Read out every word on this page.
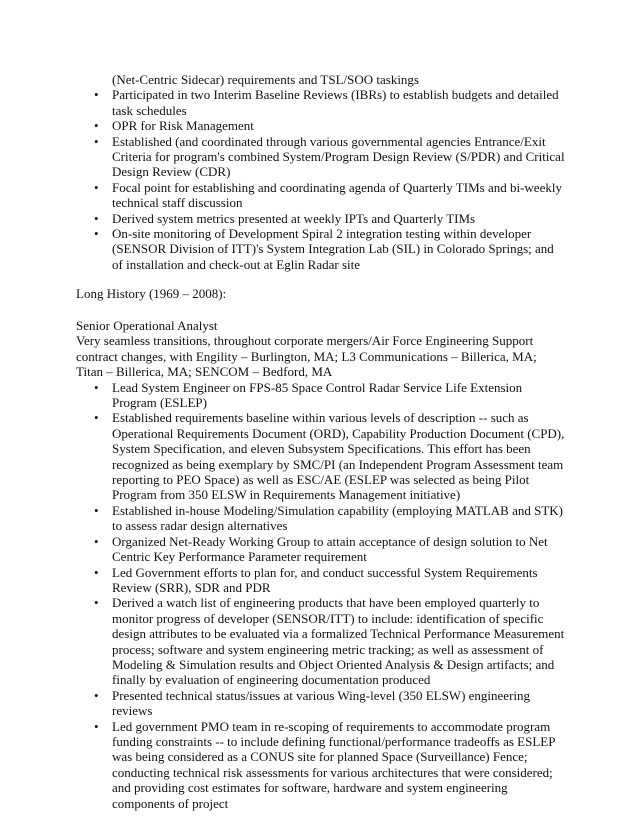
(Net-Centric Sidecar) requirements and TSL/SOO taskings

• Participated in two Interim Baseline Reviews (IBRs) to establish budgets and detailed task schedules
• OPR for Risk Management
• Established (and coordinated through various governmental agencies Entrance/Exit Criteria for program's combined System/Program Design Review (S/PDR) and Critical Design Review (CDR)
• Focal point for establishing and coordinating agenda of Quarterly TIMs and bi-weekly technical staff discussion
• Derived system metrics presented at weekly IPTs and Quarterly TIMs
• On-site monitoring of Development Spiral 2 integration testing within developer (SENSOR Division of ITT)'s System Integration Lab (SIL) in Colorado Springs; and of installation and check-out at Eglin Radar site

Long History (1969 – 2008):

Senior Operational Analyst

Very seamless transitions, throughout corporate mergers/Air Force Engineering Support contract changes, with Engility – Burlington, MA; L3 Communications – Billerica, MA; Titan – Billerica, MA; SENCOM – Bedford, MA

• Lead System Engineer on FPS-85 Space Control Radar Service Life Extension Program (ESLEP)
• Established requirements baseline within various levels of description -- such as Operational Requirements Document (ORD), Capability Production Document (CPD), System Specification, and eleven Subsystem Specifications. This effort has been recognized as being exemplary by SMC/PI (an Independent Program Assessment team reporting to PEO Space) as well as ESC/AE (ESLEP was selected as being Pilot Program from 350 ELSW in Requirements Management initiative)
• Established in-house Modeling/Simulation capability (employing MATLAB and STK) to assess radar design alternatives
• Organized Net-Ready Working Group to attain acceptance of design solution to Net Centric Key Performance Parameter requirement
• Led Government efforts to plan for, and conduct successful System Requirements Review (SRR), SDR and PDR
• Derived a watch list of engineering products that have been employed quarterly to monitor progress of developer (SENSOR/ITT) to include: identification of specific design attributes to be evaluated via a formalized Technical Performance Measurement process; software and system engineering metric tracking; as well as assessment of Modeling & Simulation results and Object Oriented Analysis & Design artifacts; and finally by evaluation of engineering documentation produced
• Presented technical status/issues at various Wing-level (350 ELSW) engineering reviews
• Led government PMO team in re-scoping of requirements to accommodate program funding constraints -- to include defining functional/performance tradeoffs as ESLEP was being considered as a CONUS site for planned Space (Surveillance) Fence; conducting technical risk assessments for various architectures that were considered; and providing cost estimates for software, hardware and system engineering components of project
